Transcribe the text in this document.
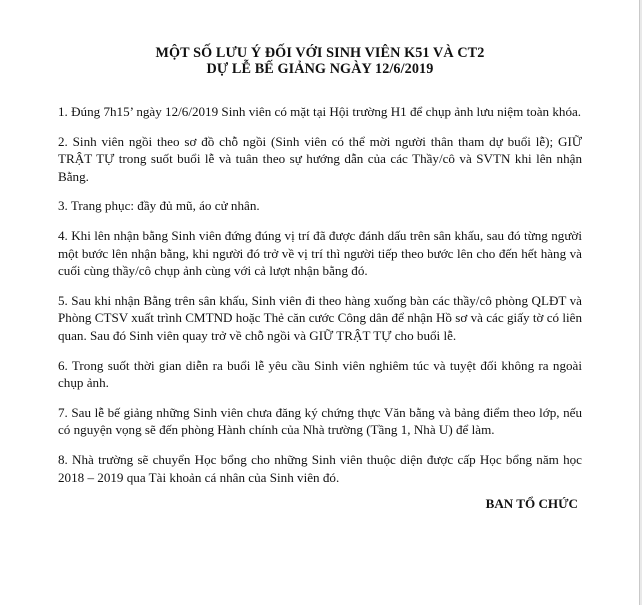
MỘT SỐ LƯU Ý ĐỐI VỚI SINH VIÊN K51 VÀ CT2
DỰ LỄ BẾ GIẢNG NGÀY 12/6/2019

1. Đúng 7h15’ ngày 12/6/2019 Sinh viên có mặt tại Hội trường H1 để chụp ảnh lưu niệm toàn khóa.

2. Sinh viên ngồi theo sơ đồ chỗ ngồi (Sinh viên có thể mời người thân tham dự buổi lễ); GIỮ TRẬT TỰ trong suốt buổi lễ và tuân theo sự hướng dẫn của các Thầy/cô và SVTN khi lên nhận Bằng.

3. Trang phục: đầy đủ mũ, áo cử nhân.

4. Khi lên nhận bằng Sinh viên đứng đúng vị trí đã được đánh dấu trên sân khấu, sau đó từng người một bước lên nhận bằng, khi người đó trở về vị trí thì người tiếp theo bước lên cho đến hết hàng và cuối cùng thầy/cô chụp ảnh cùng với cả lượt nhận bằng đó.

5. Sau khi nhận Bằng trên sân khấu, Sinh viên đi theo hàng xuống bàn các thầy/cô phòng QLĐT và Phòng CTSV xuất trình CMTND hoặc Thẻ căn cước Công dân để nhận Hồ sơ và các giấy tờ có liên quan. Sau đó Sinh viên quay trở về chỗ ngồi và GIỮ TRẬT TỰ cho buổi lễ.

6. Trong suốt thời gian diễn ra buổi lễ yêu cầu Sinh viên nghiêm túc và tuyệt đối không ra ngoài chụp ảnh.

7. Sau lễ bế giảng những Sinh viên chưa đăng ký chứng thực Văn bằng và bảng điểm theo lớp, nếu có nguyện vọng sẽ đến phòng Hành chính của Nhà trường (Tầng 1, Nhà U) để làm.

8. Nhà trường sẽ chuyển Học bổng cho những Sinh viên thuộc diện được cấp Học bổng năm học 2018 – 2019 qua Tài khoản cá nhân của Sinh viên đó.

BAN TỔ CHỨC
